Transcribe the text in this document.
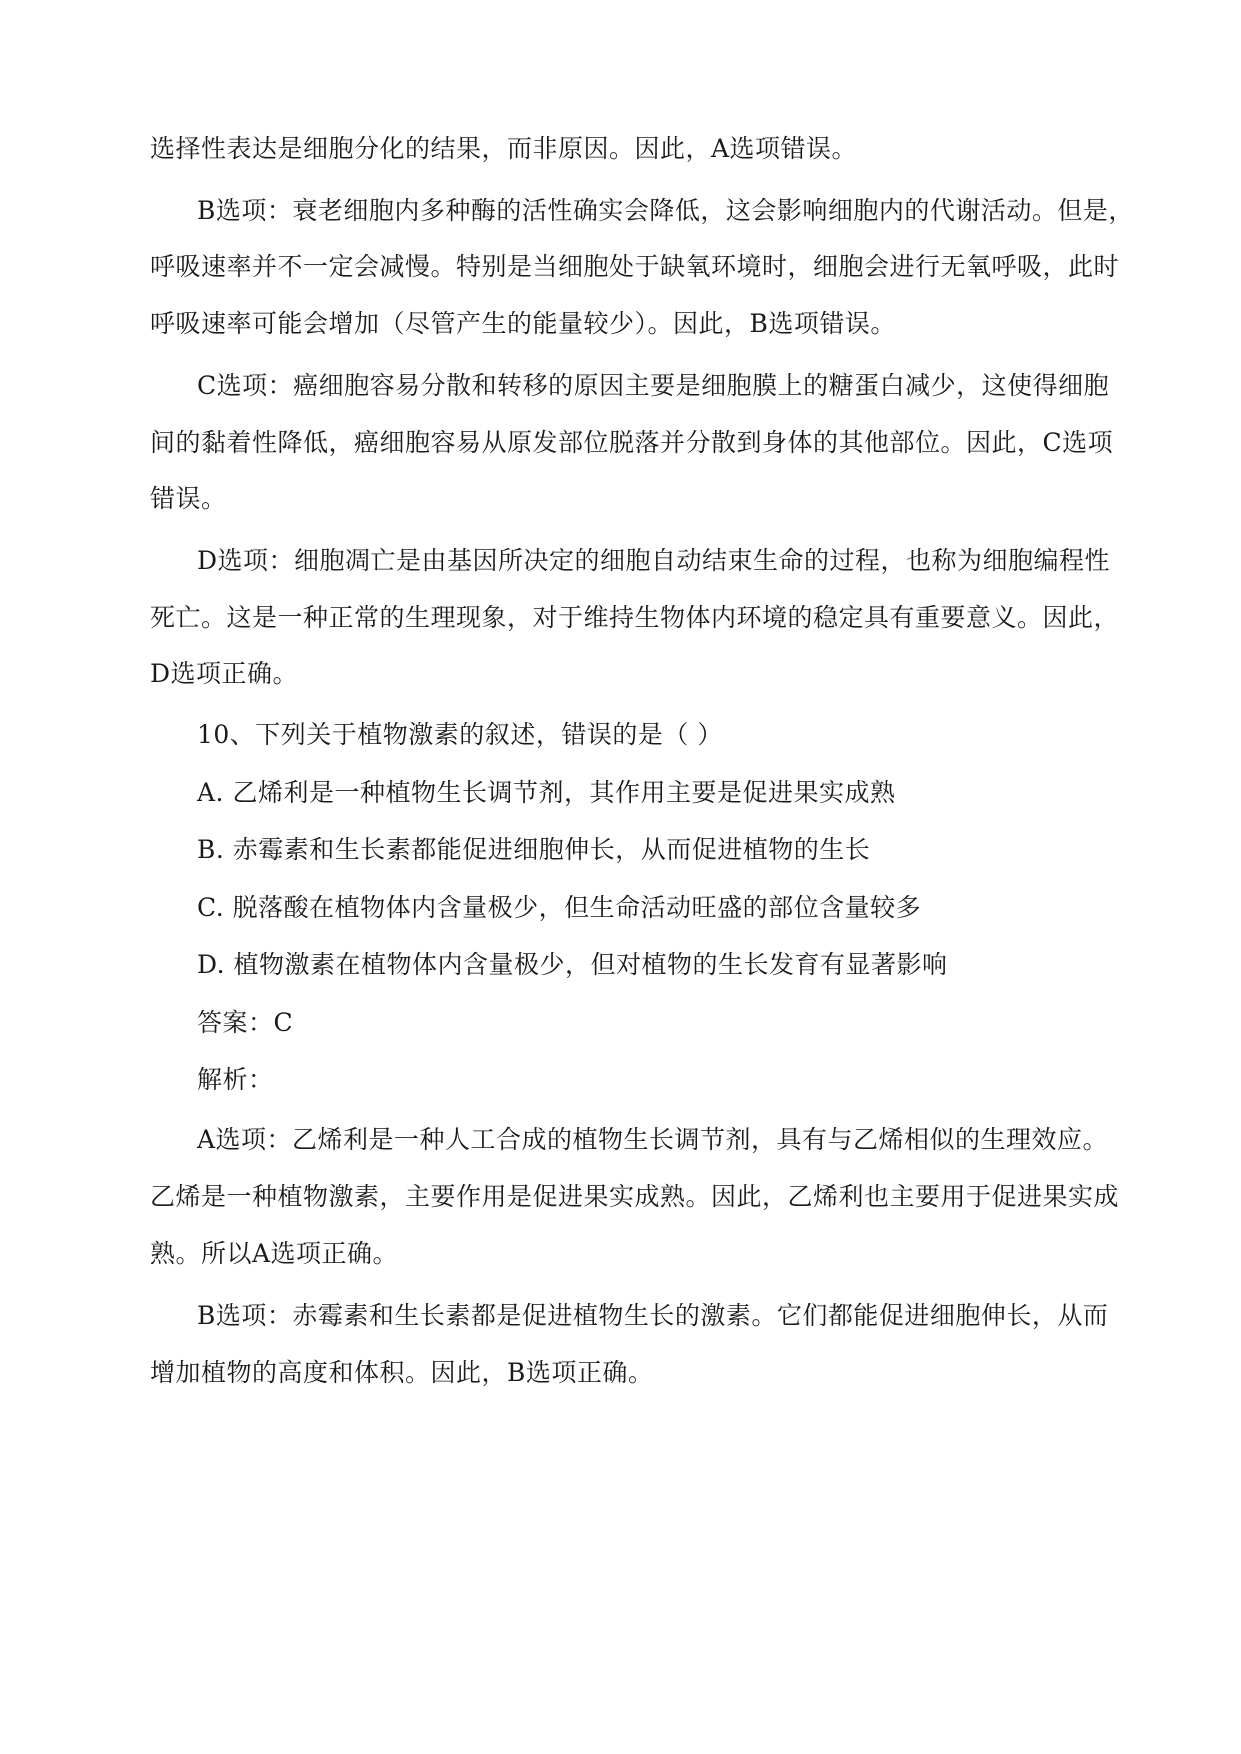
选择性表达是细胞分化的结果，而非原因。因此，A选项错误。
B选项：衰老细胞内多种酶的活性确实会降低，这会影响细胞内的代谢活动。但是，
呼吸速率并不一定会减慢。特别是当细胞处于缺氧环境时，细胞会进行无氧呼吸，此时
呼吸速率可能会增加（尽管产生的能量较少）。因此，B选项错误。
C选项：癌细胞容易分散和转移的原因主要是细胞膜上的糖蛋白减少，这使得细胞
间的黏着性降低，癌细胞容易从原发部位脱落并分散到身体的其他部位。因此，C选项
错误。
D选项：细胞凋亡是由基因所决定的细胞自动结束生命的过程，也称为细胞编程性
死亡。这是一种正常的生理现象，对于维持生物体内环境的稳定具有重要意义。因此，
D选项正确。
10、下列关于植物激素的叙述，错误的是（ ）
A. 乙烯利是一种植物生长调节剂，其作用主要是促进果实成熟
B. 赤霉素和生长素都能促进细胞伸长，从而促进植物的生长
C. 脱落酸在植物体内含量极少，但生命活动旺盛的部位含量较多
D. 植物激素在植物体内含量极少，但对植物的生长发育有显著影响
答案：C
解析：
A选项：乙烯利是一种人工合成的植物生长调节剂，具有与乙烯相似的生理效应。
乙烯是一种植物激素，主要作用是促进果实成熟。因此，乙烯利也主要用于促进果实成
熟。所以A选项正确。
B选项：赤霉素和生长素都是促进植物生长的激素。它们都能促进细胞伸长，从而
增加植物的高度和体积。因此，B选项正确。
